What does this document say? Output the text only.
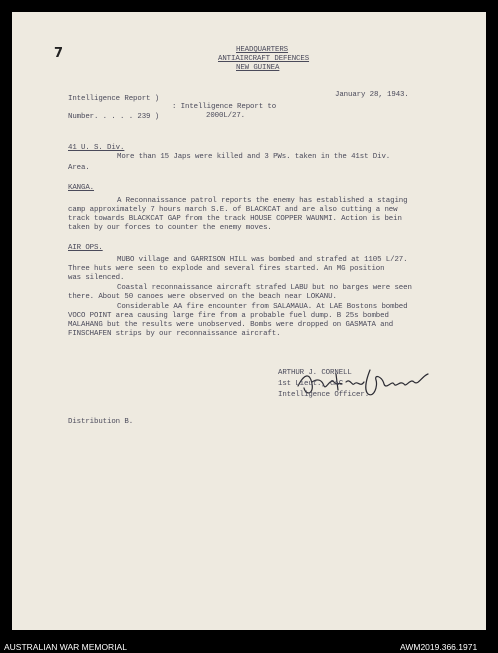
7	HEADQUARTERS
ANTIAIRCRAFT DEFENCES
NEW GUINEA
Intelligence Report )
: Intelligence Report to
Number. . . . . 239 )	2000L/27.
January 28, 1943.
41 U. S. Div.
More than 15 Japs were killed and 3 PWs. taken in the 41st Div.
Area.
KANGA.
A Reconnaissance patrol reports the enemy has established a staging
camp approximately 7 hours march S.E. of BLACKCAT and are also cutting a new
track towards BLACKCAT GAP from the track HOUSE COPPER WAUNMI. Action is bein
taken by our forces to counter the enemy moves.
AIR OPS.
MUBO village and GARRISON HILL was bombed and strafed at 1105 L/27.
Three huts were seen to explode and several fires started. An MG position
was silenced.
Coastal reconnaissance aircraft strafed LABU but no barges were seen
there. About 50 canoes were observed on the beach near LOKANU.
Considerable AA fire encounter from SALAMAUA. At LAE Bostons bombed
VOCO POINT area causing large fire from a probable fuel dump. B 25s bombed
MALAHANG but the results were unobserved. Bombs were dropped on GASMATA and
FINSCHAFEN strips by our reconnaissance aircraft.
ARTHUR J. CORNELL
1st Lieut., CAC
Intelligence Officer.
Distribution B.
AUSTRALIAN WAR MEMORIAL	AWM2019.366.1971
